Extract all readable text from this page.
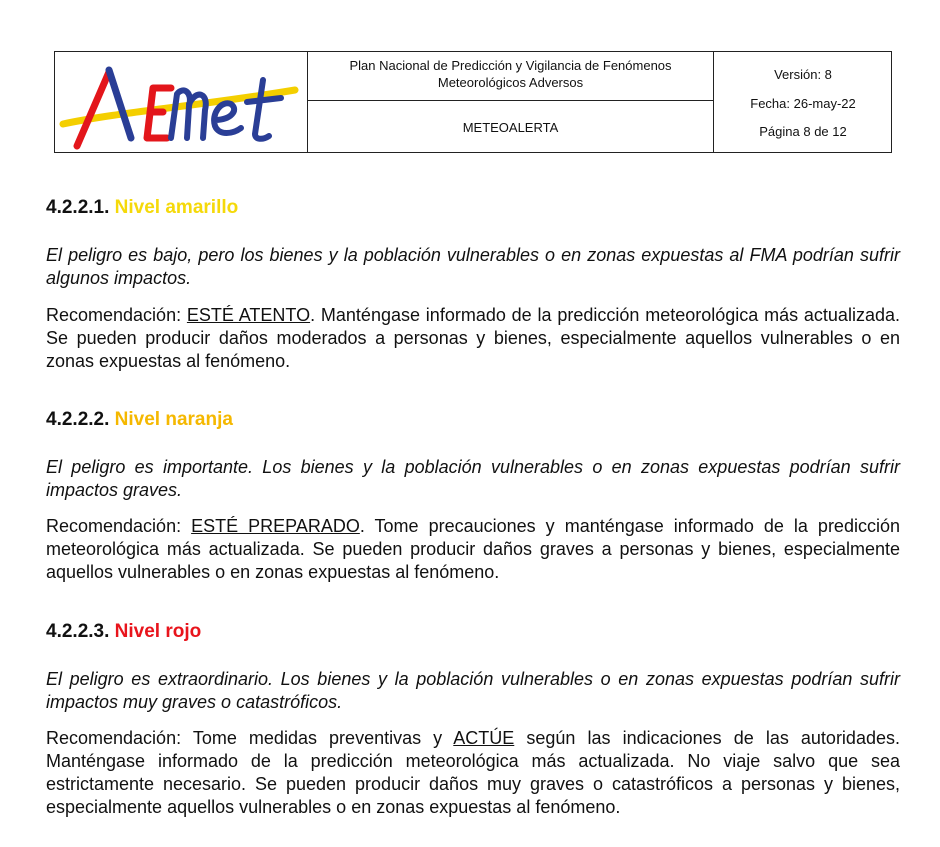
Plan Nacional de Predicción y Vigilancia de Fenómenos Meteorológicos Adversos
METEOALERTA
Versión: 8
Fecha: 26-may-22
Página 8 de 12
4.2.2.1. Nivel amarillo

El peligro es bajo, pero los bienes y la población vulnerables o en zonas expuestas al FMA podrían sufrir algunos impactos.

Recomendación: ESTÉ ATENTO. Manténgase informado de la predicción meteorológica más actualizada. Se pueden producir daños moderados a personas y bienes, especialmente aquellos vulnerables o en zonas expuestas al fenómeno.

4.2.2.2. Nivel naranja

El peligro es importante. Los bienes y la población vulnerables o en zonas expuestas podrían sufrir impactos graves.

Recomendación: ESTÉ PREPARADO. Tome precauciones y manténgase informado de la predicción meteorológica más actualizada. Se pueden producir daños graves a personas y bienes, especialmente aquellos vulnerables o en zonas expuestas al fenómeno.

4.2.2.3. Nivel rojo

El peligro es extraordinario. Los bienes y la población vulnerables o en zonas expuestas podrían sufrir impactos muy graves o catastróficos.

Recomendación: Tome medidas preventivas y ACTÚE según las indicaciones de las autoridades. Manténgase informado de la predicción meteorológica más actualizada. No viaje salvo que sea estrictamente necesario. Se pueden producir daños muy graves o catastróficos a personas y bienes, especialmente aquellos vulnerables o en zonas expuestas al fenómeno.
